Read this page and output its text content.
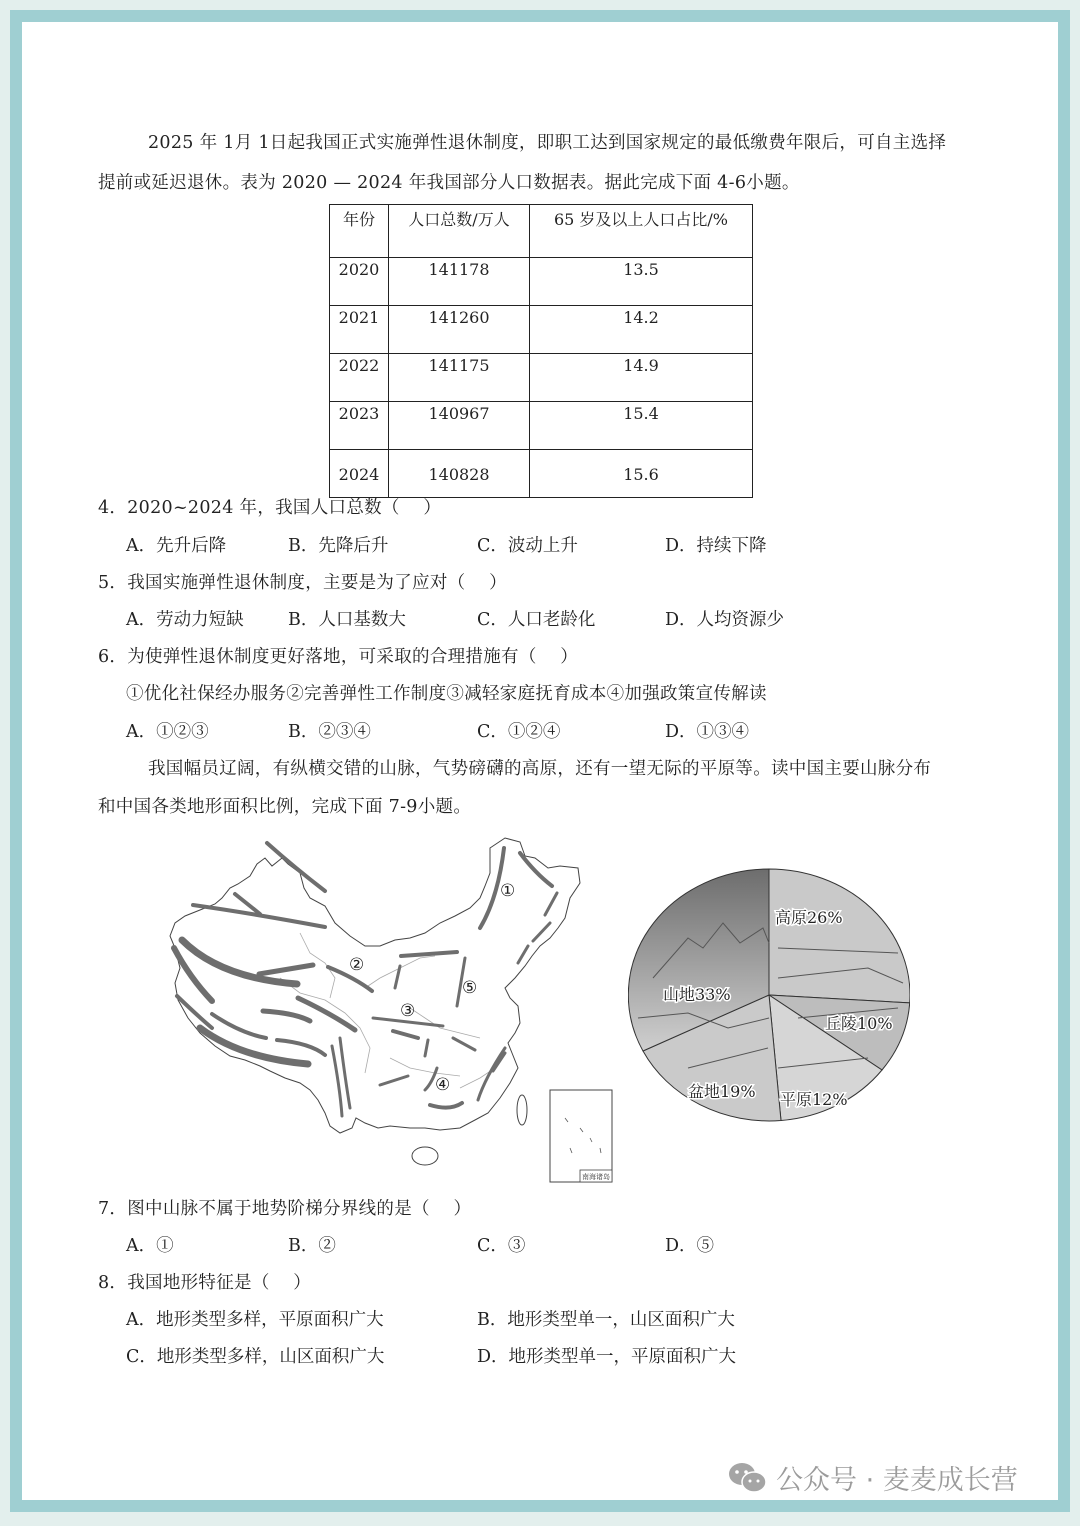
2025 年 1月 1日起我国正式实施弹性退休制度，即职工达到国家规定的最低缴费年限后，可自主选择
提前或延迟退休。表为 2020 — 2024 年我国部分人口数据表。据此完成下面 4-6小题。
年份	人口总数/万人	65 岁及以上人口占比/%
2020	141178	13.5
2021	141260	14.2
2022	141175	14.9
2023	140967	15.4
2024	140828	15.6
4．2020~2024 年，我国人口总数（　 ）
A．先升后降	B．先降后升	C．波动上升	D．持续下降
5．我国实施弹性退休制度，主要是为了应对（　 ）
A．劳动力短缺	B．人口基数大	C．人口老龄化	D．人均资源少
6．为使弹性退休制度更好落地，可采取的合理措施有（　 ）
①优化社保经办服务②完善弹性工作制度③减轻家庭抚育成本④加强政策宣传解读
A．①②③	B．②③④	C．①②④	D．①③④
我国幅员辽阔，有纵横交错的山脉，气势磅礴的高原，还有一望无际的平原等。读中国主要山脉分布
和中国各类地形面积比例，完成下面 7-9小题。
①
②
③
④
⑤
南海诸岛
高原26%
丘陵10%
平原12%
盆地19%
山地33%
7．图中山脉不属于地势阶梯分界线的是（　 ）
A．①	B．②	C．③	D．⑤
8．我国地形特征是（　 ）
A．地形类型多样，平原面积广大	B．地形类型单一，山区面积广大
C．地形类型多样，山区面积广大	D．地形类型单一，平原面积广大
公众号 · 麦麦成长营
